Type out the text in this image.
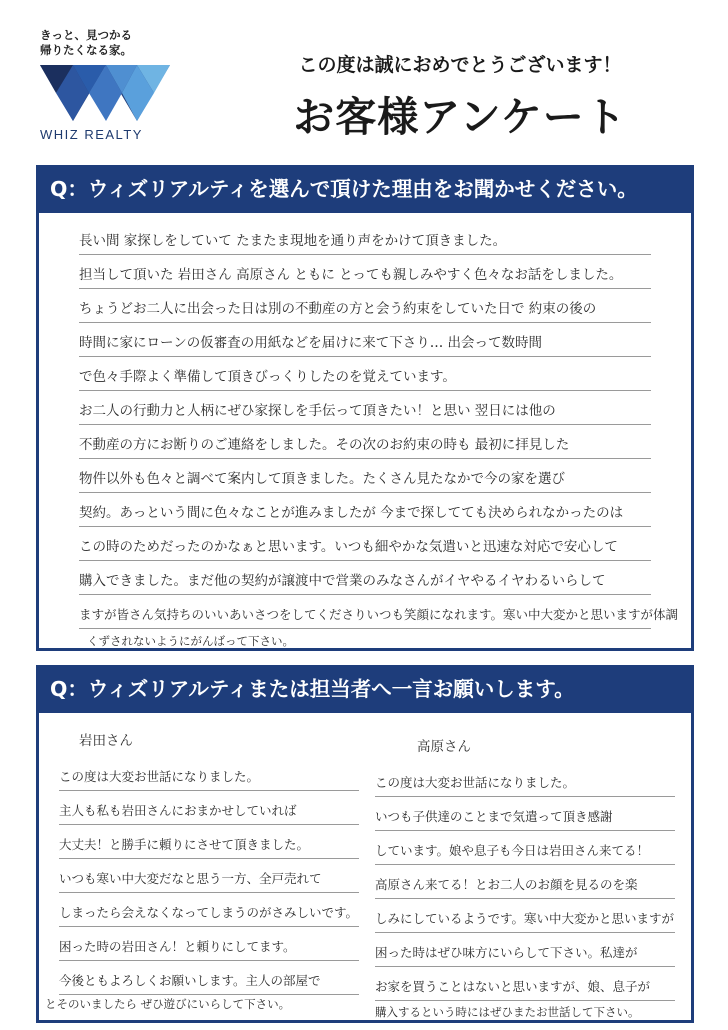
きっと、見つかる
帰りたくなる家。
WHIZ REALTY
この度は誠におめでとうございます！
お客様アンケート
Q：ウィズリアルティを選んで頂けた理由をお聞かせください。
長い間 家探しをしていて たまたま現地を通り声をかけて頂きました。
担当して頂いた 岩田さん 高原さん ともに とっても親しみやすく色々なお話をしました。
ちょうどお二人に出会った日は別の不動産の方と会う約束をしていた日で 約束の後の
時間に家にローンの仮審査の用紙などを届けに来て下さり… 出会って数時間
で色々手際よく準備して頂きびっくりしたのを覚えています。
お二人の行動力と人柄にぜひ家探しを手伝って頂きたい！と思い 翌日には他の
不動産の方にお断りのご連絡をしました。その次のお約束の時も 最初に拝見した
物件以外も色々と調べて案内して頂きました。たくさん見たなかで今の家を選び
契約。あっという間に色々なことが進みましたが 今まで探してても決められなかったのは
この時のためだったのかなぁと思います。いつも細やかな気遣いと迅速な対応で安心して
購入できました。まだ他の契約が譲渡中で営業のみなさんがイヤやるイヤわるいらして
ますが皆さん気持ちのいいあいさつをしてくださりいつも笑顔になれます。寒い中大変かと思いますが体調
くずされないようにがんばって下さい。
Q：ウィズリアルティまたは担当者へ一言お願いします。
岩田さん
この度は大変お世話になりました。
主人も私も岩田さんにおまかせしていれば
大丈夫！と勝手に頼りにさせて頂きました。
いつも寒い中大変だなと思う一方、全戸売れて
しまったら会えなくなってしまうのがさみしいです。
困った時の岩田さん！と頼りにしてます。
今後ともよろしくお願いします。主人の部屋で
とそのいましたら ぜひ遊びにいらして下さい。
高原さん
この度は大変お世話になりました。
いつも子供達のことまで気遣って頂き感謝
しています。娘や息子も今日は岩田さん来てる！
高原さん来てる！とお二人のお顔を見るのを楽
しみにしているようです。寒い中大変かと思いますが
困った時はぜひ味方にいらして下さい。私達が
お家を買うことはないと思いますが、娘、息子が
購入するという時にはぜひまたお世話して下さい。
